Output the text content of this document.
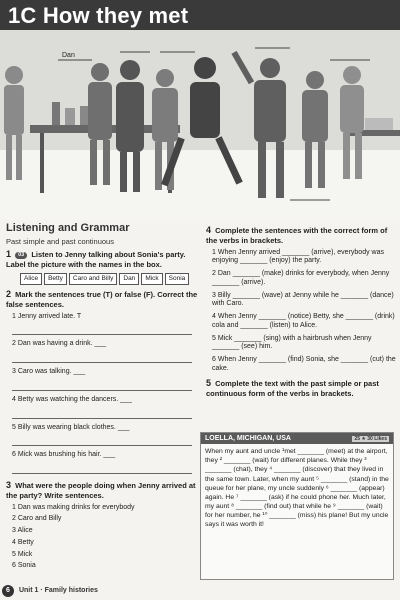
1C How they met
Dan
Listening and Grammar
Past simple and past continuous
1 03 Listen to Jenny talking about Sonia's party. Label the picture with the names in the box.
Alice	Betty	Caro and Billy	Dan	Mick	Sonia
2 Mark the sentences true (T) or false (F). Correct the false sentences.
1 Jenny arrived late. T
2 Dan was having a drink. ___
3 Caro was talking. ___
4 Betty was watching the dancers. ___
5 Billy was wearing black clothes. ___
6 Mick was brushing his hair. ___
3 What were the people doing when Jenny arrived at the party? Write sentences.
1 Dan was making drinks for everybody
2 Caro and Billy
3 Alice
4 Betty
5 Mick
6 Sonia
4 Complete the sentences with the correct form of the verbs in brackets.
1 When Jenny arrived _______ (arrive), everybody was enjoying _______ (enjoy) the party.
2 Dan _______ (make) drinks for everybody, when Jenny _______ (arrive).
3 Billy _______ (wave) at Jenny while he _______ (dance) with Caro.
4 When Jenny _______ (notice) Betty, she _______ (drink) cola and _______ (listen) to Alice.
5 Mick _______ (sing) with a hairbrush when Jenny _______ (see) him.
6 When Jenny _______ (find) Sonia, she _______ (cut) the cake.
5 Complete the text with the past simple or past continuous form of the verbs in brackets.
LOELLA, MICHIGAN, USA	25 ★ 30 Likes
When my aunt and uncle ¹met _______ (meet) at the airport, they ² _______ (wait) for different planes. While they ³ _______ (chat), they ⁴ _______ (discover) that they lived in the same town. Later, when my aunt ⁵ _______ (stand) in the queue for her plane, my uncle suddenly ⁶ _______ (appear) again. He ⁷ _______ (ask) if he could phone her. Much later, my aunt ⁸ _______ (find out) that while he ⁹ _______ (wait) for her number, he ¹⁰ _______ (miss) his plane! But my uncle says it was worth it!
6 Unit 1 · Family histories
